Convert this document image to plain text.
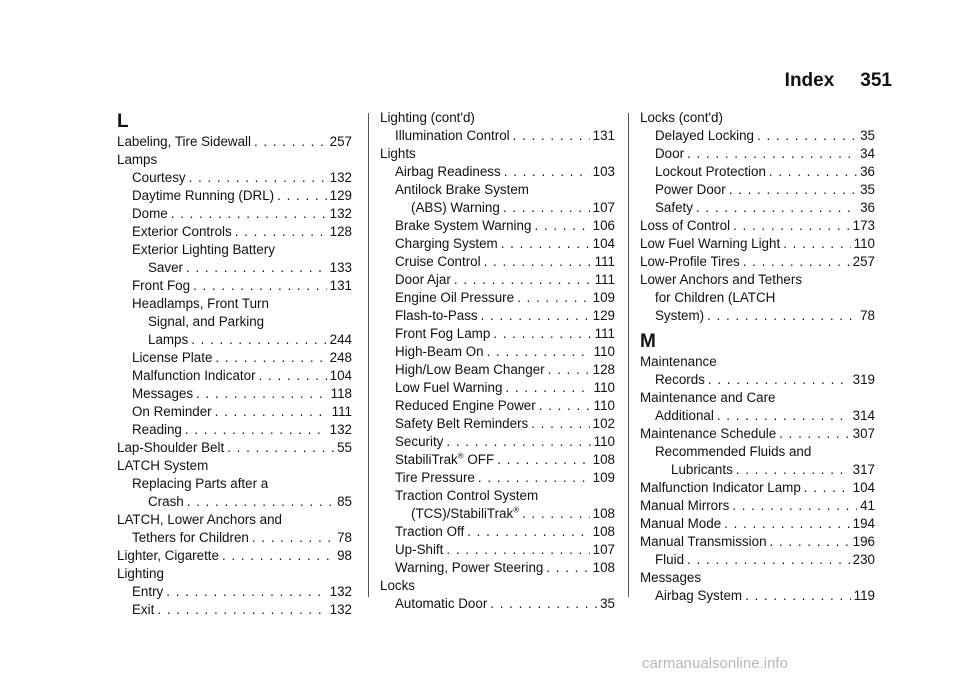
Index 351
L
Labeling, Tire Sidewall . . .	257
Lamps
Courtesy . . .	132
Daytime Running (DRL) . . .	129
Dome . . .	132
Exterior Controls . . .	128
Exterior Lighting Battery
Saver . . .	133
Front Fog . . .	131
Headlamps, Front Turn
Signal, and Parking
Lamps . . .	244
License Plate . . .	248
Malfunction Indicator . . .	104
Messages . . .	118
On Reminder . . .	111
Reading . . .	132
Lap-Shoulder Belt . . .	55
LATCH System
Replacing Parts after a
Crash . . .	85
LATCH, Lower Anchors and
Tethers for Children . . .	78
Lighter, Cigarette . . .	98
Lighting
Entry . . .	132
Exit . . .	132
Lighting (cont'd)
Illumination Control . . .	131
Lights
Airbag Readiness . . .	103
Antilock Brake System
(ABS) Warning . . .	107
Brake System Warning . . .	106
Charging System . . .	104
Cruise Control . . .	111
Door Ajar . . .	111
Engine Oil Pressure . . .	109
Flash-to-Pass . . .	129
Front Fog Lamp . . .	111
High-Beam On . . .	110
High/Low Beam Changer . . .	128
Low Fuel Warning . . .	110
Reduced Engine Power . . .	110
Safety Belt Reminders . . .	102
Security . . .	110
StabiliTrak® OFF . . .	108
Tire Pressure . . .	109
Traction Control System
(TCS)/StabiliTrak® . . .	108
Traction Off . . .	108
Up-Shift . . .	107
Warning, Power Steering . . .	108
Locks
Automatic Door . . .	35
Locks (cont'd)
Delayed Locking . . .	35
Door . . .	34
Lockout Protection . . .	36
Power Door . . .	35
Safety . . .	36
Loss of Control . . .	173
Low Fuel Warning Light . . .	110
Low-Profile Tires . . .	257
Lower Anchors and Tethers
for Children (LATCH
System) . . .	78
M
Maintenance
Records . . .	319
Maintenance and Care
Additional . . .	314
Maintenance Schedule . . .	307
Recommended Fluids and
Lubricants . . .	317
Malfunction Indicator Lamp . . .	104
Manual Mirrors . . .	41
Manual Mode . . .	194
Manual Transmission . . .	196
Fluid . . .	230
Messages
Airbag System . . .	119
carmanualsonline.info
